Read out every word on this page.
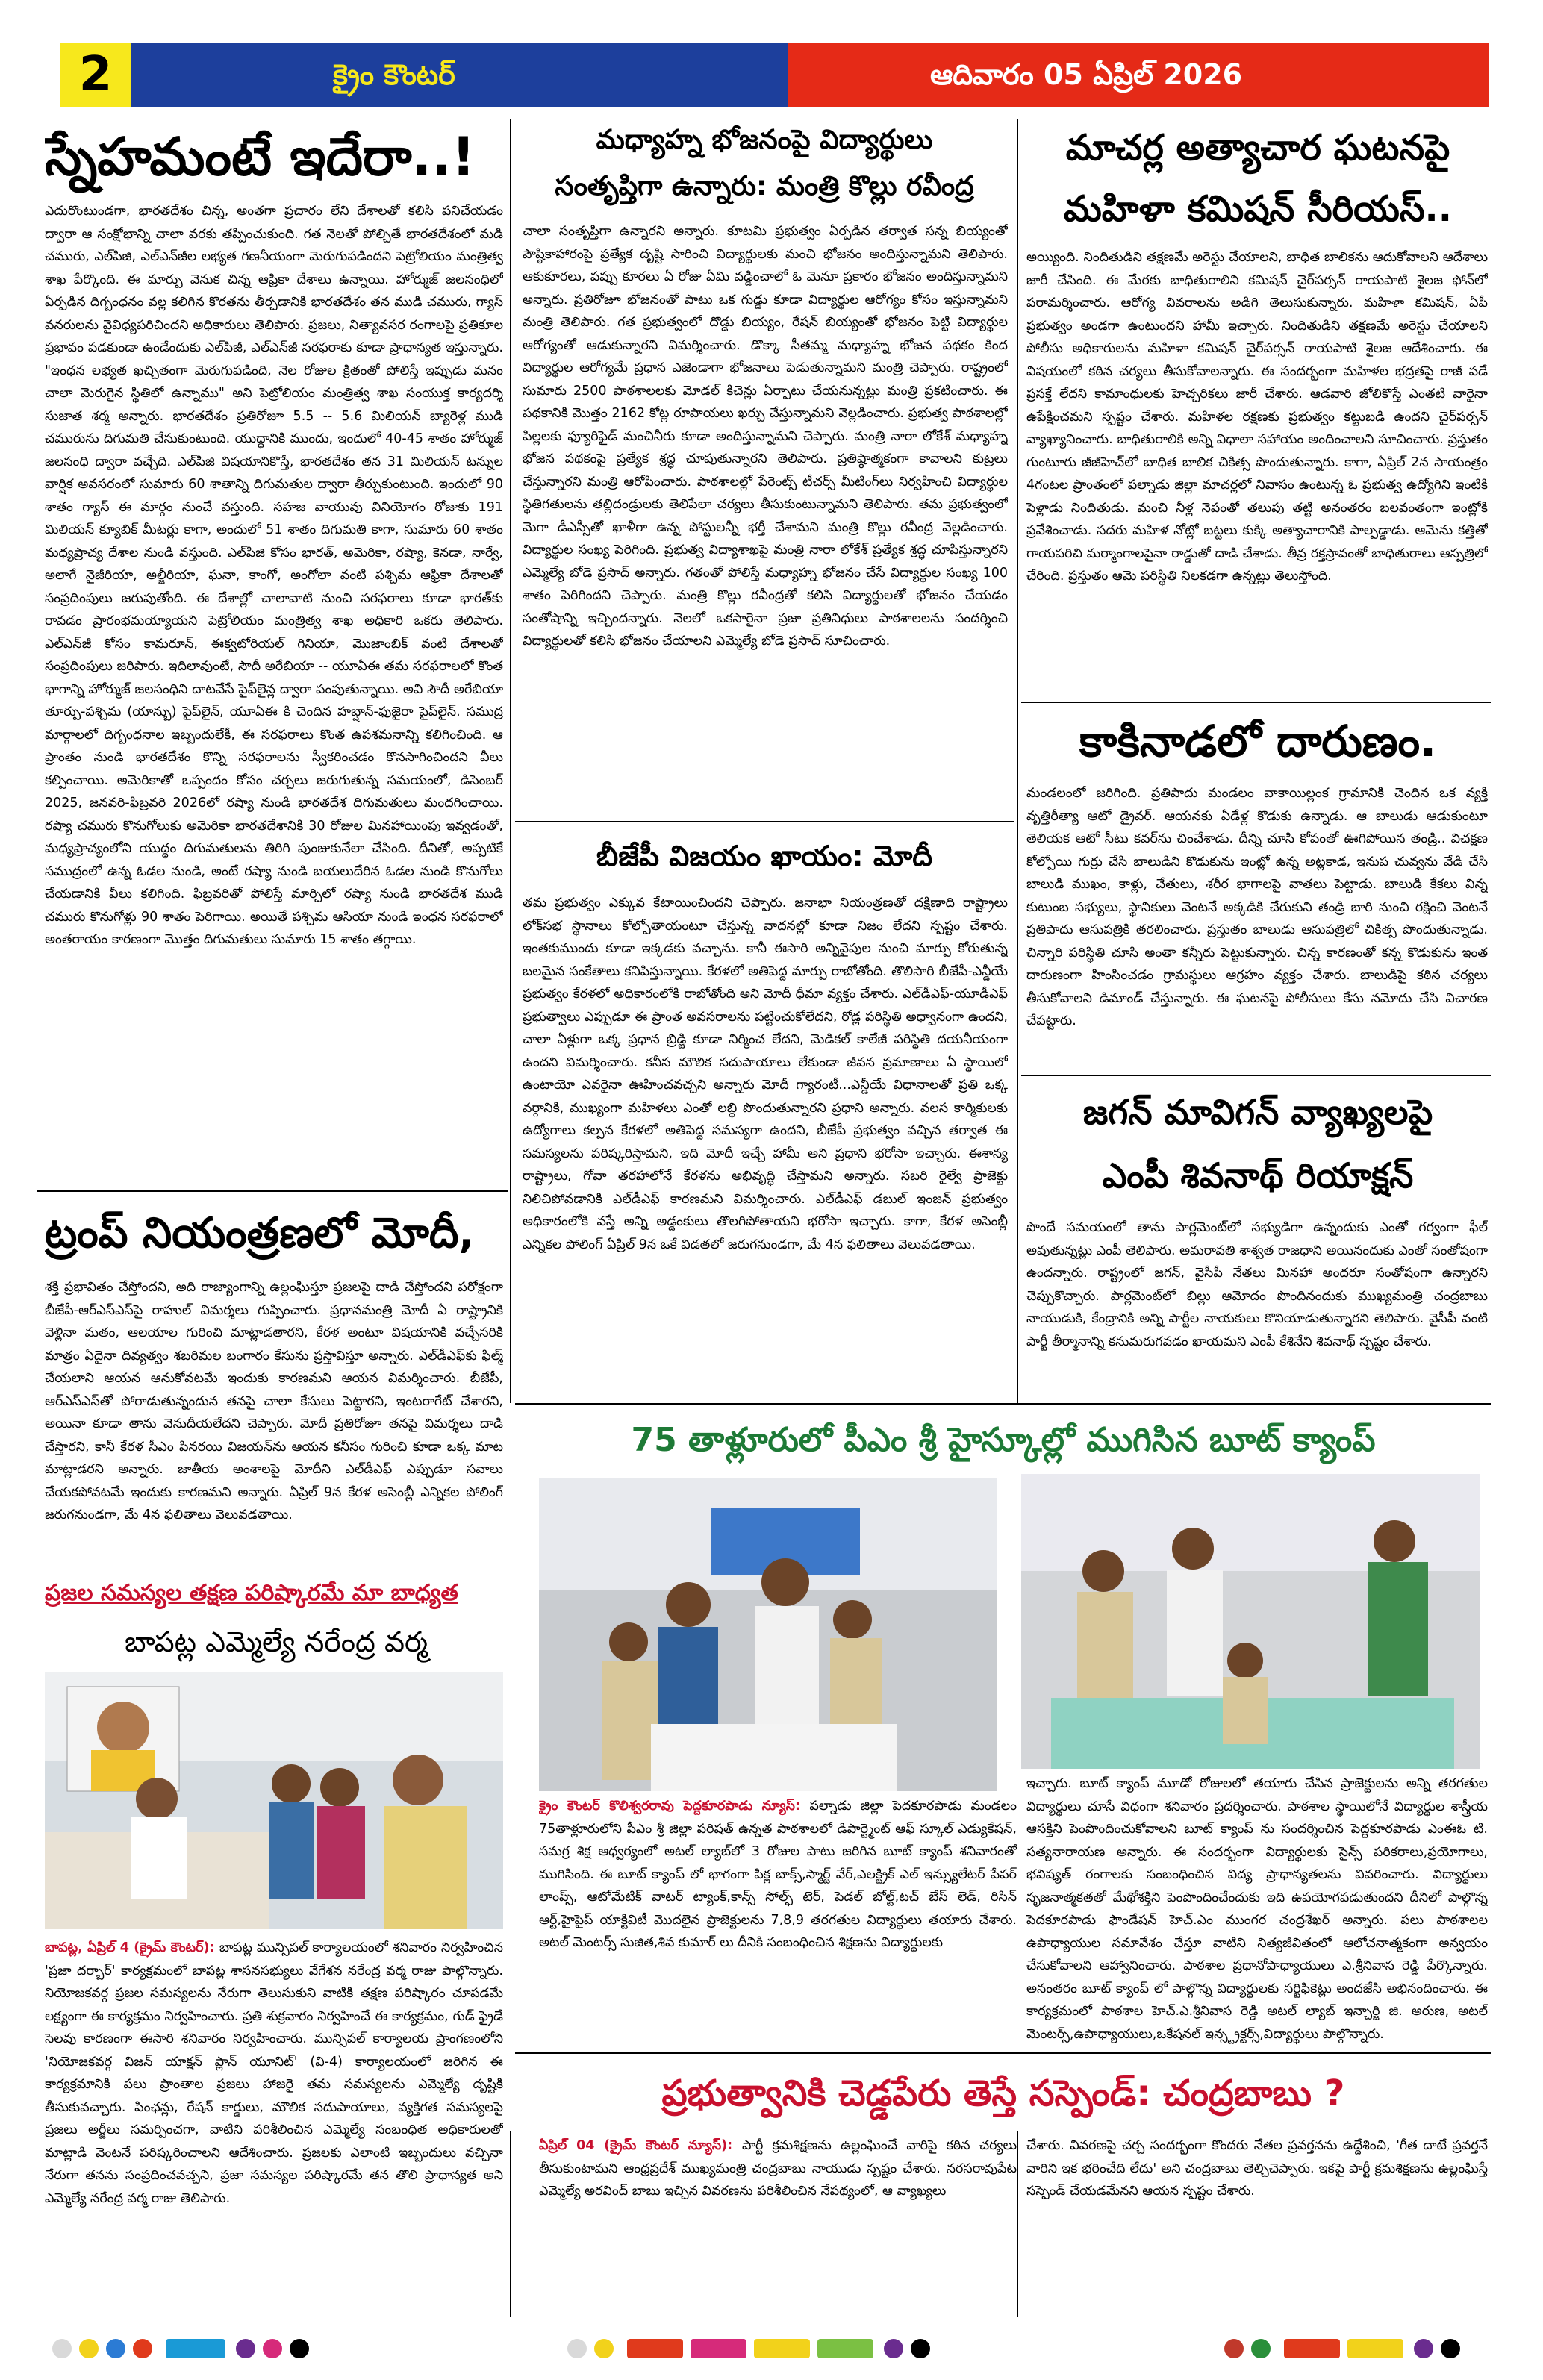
2	క్రైం కౌంటర్	ఆదివారం 05 ఏప్రిల్ 2026
స్నేహమంటే ఇదేరా..!
ఎదురొంటుండగా, భారతదేశం చిన్న, అంతగా ప్రచారం లేని దేశాలతో కలిసి పనిచేయడం ద్వారా ఆ సంక్షోభాన్ని చాలా వరకు తప్పించుకుంది. గత నెలతో పోల్చితే భారతదేశంలో మడి చమురు, ఎల్‌పిజి, ఎల్‌ఎన్‌జీల లభ్యత గణనీయంగా మెరుగుపడిందని పెట్రోలియం మంత్రిత్వ శాఖ పేర్కొంది. ఈ మార్పు వెనుక చిన్న ఆఫ్రికా దేశాలు ఉన్నాయి. హోర్ముజ్ జలసంధిలో ఏర్పడిన దిగ్బంధనం వల్ల కలిగిన కొరతను తీర్చడానికి భారతదేశం తన ముడి చమురు, గ్యాస్ వనరులను వైవిధ్యపరిచిందని అధికారులు తెలిపారు. ప్రజలు, నిత్యావసర రంగాలపై ప్రతికూల ప్రభావం పడకుండా ఉండేందుకు ఎల్‌పిజీ, ఎల్‌ఎన్‌జీ సరఫరాకు కూడా ప్రాధాన్యత ఇస్తున్నారు. "ఇంధన లభ్యత ఖచ్చితంగా మెరుగుపడింది, నెల రోజుల క్రితంతో పోలిస్తే ఇప్పుడు మనం చాలా మెరుగైన స్థితిలో ఉన్నాము" అని పెట్రోలియం మంత్రిత్వ శాఖ సంయుక్త కార్యదర్శి సుజాత శర్మ అన్నారు. భారతదేశం ప్రతిరోజూ 5.5 -- 5.6 మిలియన్ బ్యారెళ్ల ముడి చమురును దిగుమతి చేసుకుంటుంది. యుద్ధానికి ముందు, ఇందులో 40-45 శాతం హోర్ముజ్ జలసంధి ద్వారా వచ్చేది. ఎల్‌పిజి విషయానికొస్తే, భారతదేశం తన 31 మిలియన్ టన్నుల వార్షిక అవసరంలో సుమారు 60 శాతాన్ని దిగుమతుల ద్వారా తీర్చుకుంటుంది. ఇందులో 90 శాతం గ్యాస్ ఈ మార్గం నుంచే వస్తుంది. సహజ వాయువు వినియోగం రోజుకు 191 మిలియన్ క్యూబిక్ మీటర్లు కాగా, అందులో 51 శాతం దిగుమతి కాగా, సుమారు 60 శాతం మధ్యప్రాచ్య దేశాల నుండి వస్తుంది. ఎల్‌పిజి కోసం భారత్, అమెరికా, రష్యా, కెనడా, నార్వే, అలాగే నైజీరియా, అల్జీరియా, ఘనా, కాంగో, అంగోలా వంటి పశ్చిమ ఆఫ్రికా దేశాలతో సంప్రదింపులు జరుపుతోంది. ఈ దేశాల్లో చాలావాటి నుంచి సరఫరాలు కూడా భారత్‌కు రావడం ప్రారంభమయ్యాయని పెట్రోలియం మంత్రిత్వ శాఖ అధికారి ఒకరు తెలిపారు. ఎల్‌ఎన్‌జీ కోసం కామరూన్, ఈక్వటోరియల్ గినియా, మొజాంబిక్ వంటి దేశాలతో సంప్రదింపులు జరిపారు. ఇదిలావుంటే, సౌదీ అరేబియా -- యూఏఈ తమ సరఫరాలలో కొంత భాగాన్ని హోర్ముజ్ జలసంధిని దాటవేసే పైప్‌లైన్ల ద్వారా పంపుతున్నాయి. అవి సౌదీ అరేబియా తూర్పు-పశ్చిమ (యాన్బు) పైప్‌లైన్, యూఏఈ కి చెందిన హబ్షాన్-ఫుజైరా పైప్‌లైన్. సముద్ర మార్గాలలో దిగ్బంధనాల ఇబ్బందులేకీ, ఈ సరఫరాలు కొంత ఉపశమనాన్ని కలిగించింది. ఆ ప్రాంతం నుండి భారతదేశం కొన్ని సరఫరాలను స్వీకరించడం కొనసాగించిందని వీలు కల్పించాయి. అమెరికాతో ఒప్పందం కోసం చర్చలు జరుగుతున్న సమయంలో, డిసెంబర్ 2025, జనవరి-ఫిబ్రవరి 2026లో రష్యా నుండి భారతదేశ దిగుమతులు మందగించాయి. రష్యా చమురు కొనుగోలుకు అమెరికా భారతదేశానికి 30 రోజుల మినహాయింపు ఇవ్వడంతో, మధ్యప్రాచ్యంలోని యుద్ధం దిగుమతులను తిరిగి పుంజుకునేలా చేసింది. దీనితో, అప్పటికే సముద్రంలో ఉన్న ఓడల నుండి, అంటే రష్యా నుండి బయలుదేరిన ఓడల నుండి కొనుగోలు చేయడానికి వీలు కలిగింది. ఫిబ్రవరితో పోలిస్తే మార్చిలో రష్యా నుండి భారతదేశ ముడి చమురు కొనుగోళ్లు 90 శాతం పెరిగాయి. అయితే పశ్చిమ ఆసియా నుండి ఇంధన సరఫరాలో అంతరాయం కారణంగా మొత్తం దిగుమతులు సుమారు 15 శాతం తగ్గాయి.
ట్రంప్ నియంత్రణలో మోదీ,
శక్తి ప్రభావితం చేస్తోందని, అది రాజ్యాంగాన్ని ఉల్లంఘిస్తూ ప్రజలపై దాడి చేస్తోందని పరోక్షంగా బీజేపీ-ఆర్‌ఎస్‌ఎస్‌పై రాహుల్ విమర్శలు గుప్పించారు. ప్రధానమంత్రి మోదీ ఏ రాష్ట్రానికి వెళ్లినా మతం, ఆలయాల గురించి మాట్లాడతారని, కేరళ అంటూ విషయానికి వచ్చేసరికి మాత్రం ఏదైనా దివ్యత్వం శబరిమల బంగారం కేసును ప్రస్తావిస్తూ అన్నారు. ఎల్‌డీఎఫ్‌కు ఫిల్మ్ చేయలాని ఆయన ఆనుకోవటమే ఇందుకు కారణమని ఆయన విమర్శించారు. బీజేపీ, ఆర్‌ఎస్‌ఎస్‌తో పోరాడుతున్నందున తనపై చాలా కేసులు పెట్టారని, ఇంటరాగేట్ చేశారని, అయినా కూడా తాను వెనుదీయలేదని చెప్పారు. మోదీ ప్రతిరోజూ తనపై విమర్శలు దాడి చేస్తారని, కానీ కేరళ సీఎం పినరయి విజయన్‌ను ఆయన కనీసం గురించి కూడా ఒక్క మాట మాట్లాడరని అన్నారు. జాతీయ అంశాలపై మోదీని ఎల్‌డీఎఫ్ ఎప్పుడూ సవాలు చేయకపోవటమే ఇందుకు కారణమని అన్నారు. ఏప్రిల్ 9న కేరళ అసెంబ్లీ ఎన్నికల పోలింగ్ జరుగనుండగా, మే 4న ఫలితాలు వెలువడతాయి.
ప్రజల సమస్యల తక్షణ పరిష్కారమే మా బాధ్యత
బాపట్ల ఎమ్మెల్యే నరేంద్ర వర్మ
బాపట్ల, ఏప్రిల్ 4 (క్రైమ్ కౌంటర్): బాపట్ల మున్సిపల్ కార్యాలయంలో శనివారం నిర్వహించిన 'ప్రజా దర్బార్' కార్యక్రమంలో బాపట్ల శాసనసభ్యులు వేగేశన నరేంద్ర వర్మ రాజు పాల్గొన్నారు. నియోజకవర్గ ప్రజల సమస్యలను నేరుగా తెలుసుకుని వాటికి తక్షణ పరిష్కారం చూపడమే లక్ష్యంగా ఈ కార్యక్రమం నిర్వహించారు. ప్రతి శుక్రవారం నిర్వహించే ఈ కార్యక్రమం, గుడ్ ఫ్రైడే సెలవు కారణంగా ఈసారి శనివారం నిర్వహించారు. మున్సిపల్ కార్యాలయ ప్రాంగణంలోని 'నియోజకవర్గ విజన్ యాక్షన్ ప్లాన్ యూనిట్' (వి-4) కార్యాలయంలో జరిగిన ఈ కార్యక్రమానికి పలు ప్రాంతాల ప్రజలు హాజరై తమ సమస్యలను ఎమ్మెల్యే దృష్టికి తీసుకువచ్చారు. పింఛన్లు, రేషన్ కార్డులు, మౌలిక సదుపాయాలు, వ్యక్తిగత సమస్యలపై ప్రజలు అర్జీలు సమర్పించగా, వాటిని పరిశీలించిన ఎమ్మెల్యే సంబంధిత అధికారులతో మాట్లాడి వెంటనే పరిష్కరించాలని ఆదేశించారు. ప్రజలకు ఎలాంటి ఇబ్బందులు వచ్చినా నేరుగా తనను సంప్రదించవచ్చని, ప్రజా సమస్యల పరిష్కారమే తన తొలి ప్రాధాన్యత అని ఎమ్మెల్యే నరేంద్ర వర్మ రాజు తెలిపారు.
మధ్యాహ్న భోజనంపై విద్యార్థులు
సంతృప్తిగా ఉన్నారు: మంత్రి కొల్లు రవీంద్ర
చాలా సంతృప్తిగా ఉన్నారని అన్నారు. కూటమి ప్రభుత్వం ఏర్పడిన తర్వాత సన్న బియ్యంతో పౌష్ఠికాహారంపై ప్రత్యేక దృష్టి సారించి విద్యార్థులకు మంచి భోజనం అందిస్తున్నామని తెలిపారు. ఆకుకూరలు, పప్పు కూరలు ఏ రోజు ఏమి వడ్డించాలో ఓ మెనూ ప్రకారం భోజనం అందిస్తున్నామని అన్నారు. ప్రతిరోజూ భోజనంతో పాటు ఒక గుడ్డు కూడా విద్యార్థుల ఆరోగ్యం కోసం ఇస్తున్నామని మంత్రి తెలిపారు. గత ప్రభుత్వంలో దొడ్డు బియ్యం, రేషన్ బియ్యంతో భోజనం పెట్టి విద్యార్థుల ఆరోగ్యంతో ఆడుకున్నారని విమర్శించారు. డొక్కా సీతమ్మ మధ్యాహ్న భోజన పథకం కింద విద్యార్థుల ఆరోగ్యమే ప్రధాన ఎజెండాగా భోజనాలు పెడుతున్నామని మంత్రి చెప్పారు. రాష్ట్రంలో సుమారు 2500 పాఠశాలలకు మోడల్ కిచెన్లు ఏర్పాటు చేయనున్నట్లు మంత్రి ప్రకటించారు. ఈ పథకానికి మొత్తం 2162 కోట్ల రూపాయలు ఖర్చు చేస్తున్నామని వెల్లడించారు. ప్రభుత్వ పాఠశాలల్లో పిల్లలకు ఫ్యూరిఫైడ్ మంచినీరు కూడా అందిస్తున్నామని చెప్పారు. మంత్రి నారా లోకేశ్ మధ్యాహ్న భోజన పథకంపై ప్రత్యేక శ్రద్ధ చూపుతున్నారని తెలిపారు. ప్రతిష్ఠాత్మకంగా కావాలని కుట్రలు చేస్తున్నారని మంత్రి ఆరోపించారు. పాఠశాలల్లో పేరెంట్స్ టీచర్స్ మీటింగ్‌లు నిర్వహించి విద్యార్థుల స్థితిగతులను తల్లిదండ్రులకు తెలిపేలా చర్యలు తీసుకుంటున్నామని తెలిపారు. తమ ప్రభుత్వంలో మెగా డీఎస్సీతో ఖాళీగా ఉన్న పోస్టులన్నీ భర్తీ చేశామని మంత్రి కొల్లు రవీంద్ర వెల్లడించారు. విద్యార్థుల సంఖ్య పెరిగింది. ప్రభుత్వ విద్యాశాఖపై మంత్రి నారా లోకేశ్ ప్రత్యేక శ్రద్ధ చూపిస్తున్నారని ఎమ్మెల్యే బోడె ప్రసాద్ అన్నారు. గతంతో పోలిస్తే మధ్యాహ్న భోజనం చేసే విద్యార్థుల సంఖ్య 100 శాతం పెరిగిందని చెప్పారు. మంత్రి కొల్లు రవీంద్రతో కలిసి విద్యార్థులతో భోజనం చేయడం సంతోషాన్ని ఇచ్చిందన్నారు. నెలలో ఒకసారైనా ప్రజా ప్రతినిధులు పాఠశాలలను సందర్శించి విద్యార్థులతో కలిసి భోజనం చేయాలని ఎమ్మెల్యే బోడె ప్రసాద్ సూచించారు.
బీజేపీ విజయం ఖాయం: మోదీ
తమ ప్రభుత్వం ఎక్కువ కేటాయించిందని చెప్పారు. జనాభా నియంత్రణతో దక్షిణాది రాష్ట్రాలు లోక్‌సభ స్థానాలు కోల్పోతాయంటూ చేస్తున్న వాదనల్లో కూడా నిజం లేదని స్పష్టం చేశారు. ఇంతకుముందు కూడా ఇక్కడకు వచ్చాను. కానీ ఈసారి అన్నివైపుల నుంచి మార్పు కోరుతున్న బలమైన సంకేతాలు కనిపిస్తున్నాయి. కేరళలో అతిపెద్ద మార్పు రాబోతోంది. తొలిసారి బీజేపీ-ఎన్డీయే ప్రభుత్వం కేరళలో అధికారంలోకి రాబోతోంది అని మోదీ ధీమా వ్యక్తం చేశారు. ఎల్‌డీఎఫ్-యూడీఎఫ్ ప్రభుత్వాలు ఎప్పుడూ ఈ ప్రాంత అవసరాలను పట్టించుకోలేదని, రోడ్ల పరిస్థితి అధ్వానంగా ఉందని, చాలా ఏళ్లుగా ఒక్క ప్రధాన బ్రిడ్జి కూడా నిర్మించ లేదని, మెడికల్ కాలేజీ పరిస్థితి దయనీయంగా ఉందని విమర్శించారు. కనీస మౌలిక సదుపాయాలు లేకుండా జీవన ప్రమాణాలు ఏ స్థాయిలో ఉంటాయో ఎవరైనా ఊహించవచ్చని అన్నారు మోదీ గ్యారంటీ...ఎన్డీయే విధానాలతో ప్రతి ఒక్క వర్గానికి, ముఖ్యంగా మహిళలు ఎంతో లబ్ధి పొందుతున్నారని ప్రధాని అన్నారు. వలస కార్మికులకు ఉద్యోగాలు కల్పన కేరళలో అతిపెద్ద సమస్యగా ఉందని, బీజేపీ ప్రభుత్వం వచ్చిన తర్వాత ఈ సమస్యలను పరిష్కరిస్తామని, ఇది మోదీ ఇచ్చే హామీ అని ప్రధాని భరోసా ఇచ్చారు. ఈశాన్య రాష్ట్రాలు, గోవా తరహాలోనే కేరళను అభివృద్ధి చేస్తామని అన్నారు. సబరి రైల్వే ప్రాజెక్టు నిలిచిపోవడానికి ఎల్‌డీఎఫ్ కారణమని విమర్శించారు. ఎల్‌డీఎఫ్ డబుల్ ఇంజన్ ప్రభుత్వం అధికారంలోకి వస్తే అన్ని అడ్డంకులు తొలగిపోతాయని భరోసా ఇచ్చారు. కాగా, కేరళ అసెంబ్లీ ఎన్నికల పోలింగ్ ఏప్రిల్ 9న ఒకే విడతలో జరుగనుండగా, మే 4న ఫలితాలు వెలువడతాయి.
మాచర్ల అత్యాచార ఘటనపై
మహిళా కమిషన్ సీరియస్..
అయ్యింది. నిందితుడిని తక్షణమే అరెస్టు చేయాలని, బాధిత బాలికను ఆదుకోవాలని ఆదేశాలు జారీ చేసింది. ఈ మేరకు బాధితురాలిని కమిషన్ చైర్‌పర్సన్ రాయపాటి శైలజ ఫోన్‌లో పరామర్శించారు. ఆరోగ్య వివరాలను అడిగి తెలుసుకున్నారు. మహిళా కమిషన్, ఏపీ ప్రభుత్వం అండగా ఉంటుందని హామీ ఇచ్చారు. నిందితుడిని తక్షణమే అరెస్టు చేయాలని పోలీసు అధికారులను మహిళా కమిషన్ చైర్‌పర్సన్ రాయపాటి శైలజ ఆదేశించారు. ఈ విషయంలో కఠిన చర్యలు తీసుకోవాలన్నారు. ఈ సందర్భంగా మహిళల భద్రతపై రాజీ పడే ప్రసక్తే లేదని కామాంధులకు హెచ్చరికలు జారీ చేశారు. ఆడవారి జోలికొస్తే ఎంతటి వారైనా ఉపేక్షించమని స్పష్టం చేశారు. మహిళల రక్షణకు ప్రభుత్వం కట్టుబడి ఉందని చైర్‌పర్సన్ వ్యాఖ్యానించారు. బాధితురాలికి అన్ని విధాలా సహాయం అందించాలని సూచించారు. ప్రస్తుతం గుంటూరు జీజీహెచ్‌లో బాధిత బాలిక చికిత్స పొందుతున్నారు. కాగా, ఏప్రిల్ 2న సాయంత్రం 4గంటల ప్రాంతంలో పల్నాడు జిల్లా మాచర్లలో నివాసం ఉంటున్న ఓ ప్రభుత్వ ఉద్యోగిని ఇంటికి పెళ్లాడు నిందితుడు. మంచి నీళ్ల నెపంతో తలుపు తట్టి అనంతరం బలవంతంగా ఇంట్లోకి ప్రవేశించాడు. సదరు మహిళ నోట్లో బట్టలు కుక్కి అత్యాచారానికి పాల్పడ్డాడు. ఆమెను కత్తితో గాయపరిచి మర్మాంగాలపైనా రాడ్డుతో దాడి చేశాడు. తీవ్ర రక్తస్రావంతో బాధితురాలు ఆస్పత్రిలో చేరింది. ప్రస్తుతం ఆమె పరిస్థితి నిలకడగా ఉన్నట్లు తెలుస్తోంది.
కాకినాడలో దారుణం.
మండలంలో జరిగింది. ప్రతిపాదు మండలం వాకాయిల్లంక గ్రామానికి చెందిన ఒక వ్యక్తి వృత్తిరీత్యా ఆటో డ్రైవర్. ఆయనకు ఏడేళ్ల కొడుకు ఉన్నాడు. ఆ బాలుడు ఆడుకుంటూ తెలియక ఆటో సీటు కవర్‌ను చించేశాడు. దీన్ని చూసి కోపంతో ఊగిపోయిన తండ్రి.. విచక్షణ కోల్పోయి గుర్రు చేసి బాలుడిని కొడుకును ఇంట్లో ఉన్న అట్లకాడ, ఇనుప చువ్వను వేడి చేసి బాలుడి ముఖం, కాళ్లు, చేతులు, శరీర భాగాలపై వాతలు పెట్టాడు. బాలుడి కేకలు విన్న కుటుంబ సభ్యులు, స్థానికులు వెంటనే అక్కడికి చేరుకుని తండ్రి బారి నుంచి రక్షించి వెంటనే ప్రతిపాదు ఆసుపత్రికి తరలించారు. ప్రస్తుతం బాలుడు ఆసుపత్రిలో చికిత్స పొందుతున్నాడు. చిన్నారి పరిస్థితి చూసి అంతా కన్నీరు పెట్టుకున్నారు. చిన్న కారణంతో కన్న కొడుకును ఇంత దారుణంగా హింసించడం గ్రామస్థులు ఆగ్రహం వ్యక్తం చేశారు. బాలుడిపై కఠిన చర్యలు తీసుకోవాలని డిమాండ్ చేస్తున్నారు. ఈ ఘటనపై పోలీసులు కేసు నమోదు చేసి విచారణ చేపట్టారు.
జగన్ మావిగన్ వ్యాఖ్యలపై
ఎంపీ శివనాథ్ రియాక్షన్
పొందే సమయంలో తాను పార్లమెంట్‌లో సభ్యుడిగా ఉన్నందుకు ఎంతో గర్వంగా ఫీల్ అవుతున్నట్లు ఎంపీ తెలిపారు. అమరావతి శాశ్వత రాజధాని అయినందుకు ఎంతో సంతోషంగా ఉందన్నారు. రాష్ట్రంలో జగన్, వైసీపీ నేతలు మినహా అందరూ సంతోషంగా ఉన్నారని చెప్పుకొచ్చారు. పార్లమెంట్‌లో బిల్లు ఆమోదం పొందినందుకు ముఖ్యమంత్రి చంద్రబాబు నాయుడుకి, కేంద్రానికి అన్ని పార్టీల నాయకులు కొనియాడుతున్నారని తెలిపారు. వైసీపీ వంటి పార్టీ తీర్మానాన్ని కనుమరుగవడం ఖాయమని ఎంపీ కేశినేని శివనాథ్ స్పష్టం చేశారు.
75 తాళ్లూరులో పీఎం శ్రీ హైస్కూల్లో ముగిసిన బూట్ క్యాంప్
క్రైం కౌంటర్ కొలిశ్వరరావు పెద్దకూరపాడు న్యూస్: పల్నాడు జిల్లా పెదకూరపాడు మండలం 75తాళ్లూరులోని పీఎం శ్రీ జిల్లా పరిషత్ ఉన్నత పాఠశాలలో డిపార్ట్మెంట్ ఆఫ్ స్కూల్ ఎడ్యుకేషన్, సమగ్ర శిక్ష ఆధ్వర్యంలో అటల్ ల్యాబ్‌లో 3 రోజుల పాటు జరిగిన బూట్ క్యాంప్ శనివారంతో ముగిసింది. ఈ బూట్ క్యాంప్ లో భాగంగా పిక్ల బాక్స్,స్మార్ట్ వేర్,ఎలక్ట్రిక్ ఎల్ ఇన్స్యులేటర్ పేపర్ లాంప్స్, ఆటోమేటిక్ వాటర్ ట్యాంక్,కాన్స్ సోల్ఫ్ టెర్, పెడల్ బోల్ట్,టచ్ బేస్ లెడ్, రిసిన్ ఆర్ట్,హైపైప్ యాక్టివిటీ మొదలైన ప్రాజెక్టులను 7,8,9 తరగతుల విద్యార్థులు తయారు చేశారు. అటల్ మెంటర్స్ సుజిత,శివ కుమార్ లు దీనికి సంబంధించిన శిక్షణను విద్యార్థులకు
ఇచ్చారు. బూట్ క్యాంప్ మూడో రోజులలో తయారు చేసిన ప్రాజెక్టులను అన్ని తరగతుల విద్యార్థులు చూసే విధంగా శనివారం ప్రదర్శించారు. పాఠశాల స్థాయిలోనే విద్యార్థుల శాస్త్రీయ ఆసక్తిని పెంపొందించుకోవాలని బూట్ క్యాంప్ ను సందర్శించిన పెద్దకూరపాడు ఎంఈఓ టి. సత్యనారాయణ అన్నారు. ఈ సందర్భంగా విద్యార్థులకు సైన్స్ పరికరాలు,ప్రయోగాలు, భవిష్యత్ రంగాలకు సంబంధించిన విద్య ప్రాధాన్యతలను వివరించారు. విద్యార్థులు సృజనాత్మకతతో మేథోశక్తిని పెంపొందించేందుకు ఇది ఉపయోగపడుతుందని దీనిలో పాల్గొన్న పెదకూరపాడు ఫౌండేషన్ హెచ్.ఎం ముంగర చంద్రశేఖర్ అన్నారు. పలు పాఠశాలల ఉపాధ్యాయుల సమావేశం చేస్తూ వాటిని నిత్యజీవితంలో ఆలోచనాత్మకంగా అన్వయం చేసుకోవాలని ఆహ్వానించారు. పాఠశాల ప్రధానోపాధ్యాయులు ఎ.శ్రీనివాస రెడ్డి పేర్కొన్నారు. అనంతరం బూట్ క్యాంప్ లో పాల్గొన్న విద్యార్థులకు సర్టిఫికెట్లు అందజేసి అభినందించారు. ఈ కార్యక్రమంలో పాఠశాల హెచ్.ఎ.శ్రీనివాస రెడ్డి అటల్ ల్యాబ్ ఇన్చార్జి జి. అరుణ, అటల్ మెంటర్స్,ఉపాధ్యాయులు,ఒకేషనల్ ఇన్స్ట్రక్టర్స్,విద్యార్థులు పాల్గొన్నారు.
ప్రభుత్వానికి చెడ్డపేరు తెస్తే సస్పెండ్: చంద్రబాబు ?
ఏప్రిల్ 04 (క్రైమ్ కౌంటర్ న్యూస్): పార్టీ క్రమశిక్షణను ఉల్లంఘించే వారిపై కఠిన చర్యలు తీసుకుంటామని ఆంధ్రప్రదేశ్ ముఖ్యమంత్రి చంద్రబాబు నాయుడు స్పష్టం చేశారు. నరసరావుపేట ఎమ్మెల్యే అరవింద్ బాబు ఇచ్చిన వివరణను పరిశీలించిన నేపథ్యంలో, ఆ వ్యాఖ్యలు
చేశారు. వివరణపై చర్చ సందర్భంగా కొందరు నేతల ప్రవర్తనను ఉద్దేశించి, 'గీత దాటే ప్రవర్తనే వారిని ఇక భరించేది లేదు' అని చంద్రబాబు తెల్చిచెప్పారు. ఇకపై పార్టీ క్రమశిక్షణను ఉల్లంఘిస్తే సస్పెండ్ చేయడమేనని ఆయన స్పష్టం చేశారు.
